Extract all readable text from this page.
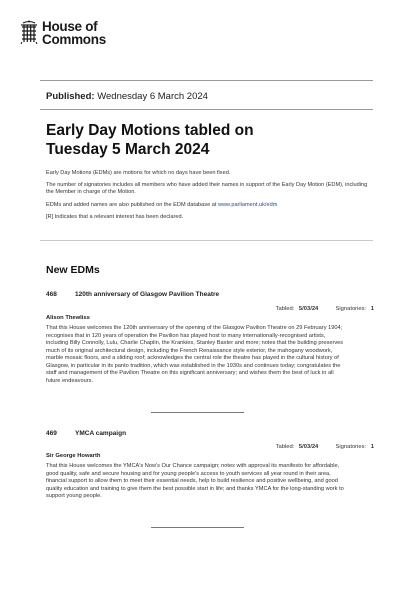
House of
Commons
Published: Wednesday 6 March 2024
Early Day Motions tabled on
Tuesday 5 March 2024

Early Day Motions (EDMs) are motions for which no days have been fixed.

The number of signatories includes all members who have added their names in support of the Early Day Motion (EDM), including the Member in charge of the Motion.

EDMs and added names are also published on the EDM database at www.parliament.uk/edm

[R] Indicates that a relevant interest has been declared.

New EDMs
468	120th anniversary of Glasgow Pavilion Theatre
Tabled: 5/03/24	Signatories: 1
Alison Thewliss

That this House welcomes the 120th anniversary of the opening of the Glasgow Pavilion Theatre on 29 February 1904; recognises that in 120 years of operation the Pavilion has played host to many internationally-recognised artists, including Billy Connolly, Lulu, Charlie Chaplin, the Krankies, Stanley Baxter and more; notes that the building preserves much of its original architectural design, including the French Renaissance style exterior, the mahogany woodwork, marble mosaic floors, and a sliding roof; acknowledges the central role the theatre has played in the cultural history of Glasgow, in particular in its panto tradition, which was established in the 1930s and continues today; congratulates the staff and management of the Pavilion Theatre on this significant anniversary; and wishes them the best of luck in all future endeavours.

469	YMCA campaign
Tabled: 5/03/24	Signatories: 1
Sir George Howarth

That this House welcomes the YMCA's Now's Our Chance campaign; notes with approval its manifesto for affordable, good quality, safe and secure housing and for young people's access to youth services all year round in their area, financial support to allow them to meet their essential needs, help to build resilience and positive wellbeing, and good quality education and training to give them the best possible start in life; and thanks YMCA for the long-standing work to support young people.
